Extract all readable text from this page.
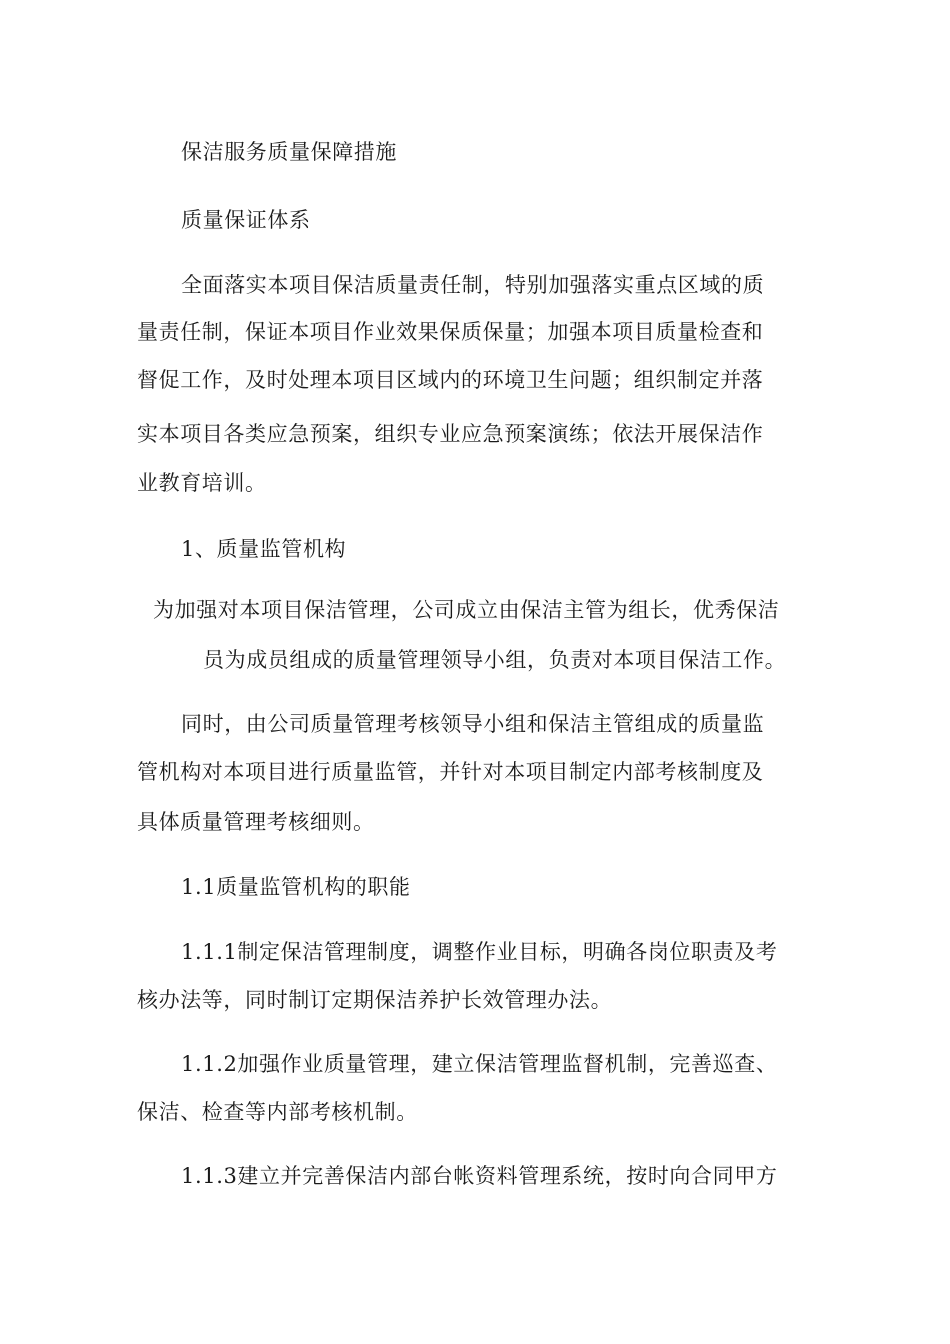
保洁服务质量保障措施
质量保证体系
全面落实本项目保洁质量责任制，特别加强落实重点区域的质
量责任制，保证本项目作业效果保质保量；加强本项目质量检查和
督促工作，及时处理本项目区域内的环境卫生问题；组织制定并落
实本项目各类应急预案，组织专业应急预案演练；依法开展保洁作
业教育培训。
1、质量监管机构
为加强对本项目保洁管理，公司成立由保洁主管为组长，优秀保洁
员为成员组成的质量管理领导小组，负责对本项目保洁工作。
同时，由公司质量管理考核领导小组和保洁主管组成的质量监
管机构对本项目进行质量监管，并针对本项目制定内部考核制度及
具体质量管理考核细则。
1.1质量监管机构的职能
1.1.1制定保洁管理制度，调整作业目标，明确各岗位职责及考
核办法等，同时制订定期保洁养护长效管理办法。
1.1.2加强作业质量管理，建立保洁管理监督机制，完善巡查、
保洁、检查等内部考核机制。
1.1.3建立并完善保洁内部台帐资料管理系统，按时向合同甲方
